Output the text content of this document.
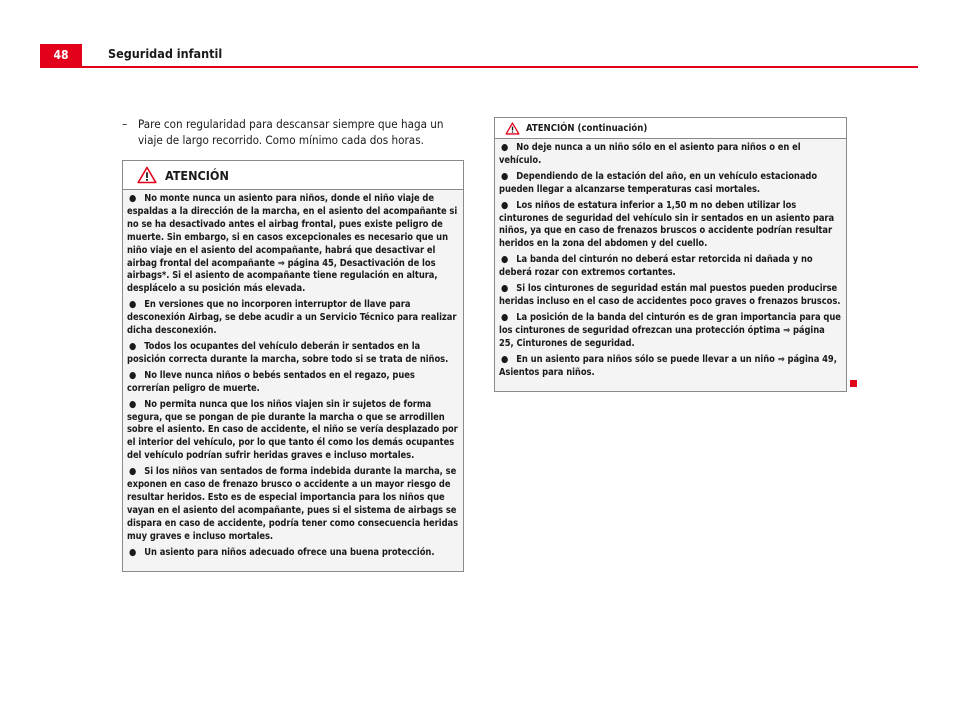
48	Seguridad infantil
– Pare con regularidad para descansar siempre que haga un viaje de largo recorrido. Como mínimo cada dos horas.
ATENCIÓN
● No monte nunca un asiento para niños, donde el niño viaje de espaldas a la dirección de la marcha, en el asiento del acompañante si no se ha desactivado antes el airbag frontal, pues existe peligro de muerte. Sin embargo, si en casos excepcionales es necesario que un niño viaje en el asiento del acompañante, habrá que desactivar el airbag frontal del acompañante ⇒ página 45, Desactivación de los airbags*. Si el asiento de acompañante tiene regulación en altura, desplácelo a su posición más elevada.
● En versiones que no incorporen interruptor de llave para desconexión Airbag, se debe acudir a un Servicio Técnico para realizar dicha desconexión.
● Todos los ocupantes del vehículo deberán ir sentados en la posición correcta durante la marcha, sobre todo si se trata de niños.
● No lleve nunca niños o bebés sentados en el regazo, pues correrían peligro de muerte.
● No permita nunca que los niños viajen sin ir sujetos de forma segura, que se pongan de pie durante la marcha o que se arrodillen sobre el asiento. En caso de accidente, el niño se vería desplazado por el interior del vehículo, por lo que tanto él como los demás ocupantes del vehículo podrían sufrir heridas graves e incluso mortales.
● Si los niños van sentados de forma indebida durante la marcha, se exponen en caso de frenazo brusco o accidente a un mayor riesgo de resultar heridos. Esto es de especial importancia para los niños que vayan en el asiento del acompañante, pues si el sistema de airbags se dispara en caso de accidente, podría tener como consecuencia heridas muy graves e incluso mortales.
● Un asiento para niños adecuado ofrece una buena protección.
ATENCIÓN (continuación)
● No deje nunca a un niño sólo en el asiento para niños o en el vehículo.
● Dependiendo de la estación del año, en un vehículo estacionado pueden llegar a alcanzarse temperaturas casi mortales.
● Los niños de estatura inferior a 1,50 m no deben utilizar los cinturones de seguridad del vehículo sin ir sentados en un asiento para niños, ya que en caso de frenazos bruscos o accidente podrían resultar heridos en la zona del abdomen y del cuello.
● La banda del cinturón no deberá estar retorcida ni dañada y no deberá rozar con extremos cortantes.
● Si los cinturones de seguridad están mal puestos pueden producirse heridas incluso en el caso de accidentes poco graves o frenazos bruscos.
● La posición de la banda del cinturón es de gran importancia para que los cinturones de seguridad ofrezcan una protección óptima ⇒ página 25, Cinturones de seguridad.
● En un asiento para niños sólo se puede llevar a un niño ⇒ página 49, Asientos para niños.
